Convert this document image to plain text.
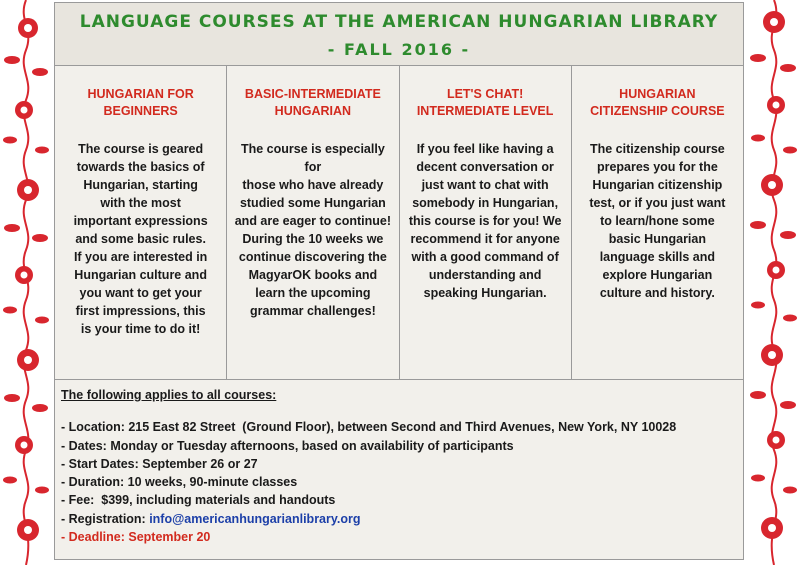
LANGUAGE COURSES AT THE AMERICAN HUNGARIAN LIBRARY
- FALL 2016 -
HUNGARIAN FOR
BEGINNERS
The course is geared
towards the basics of
Hungarian, starting
with the most
important expressions
and some basic rules.
If you are interested in
Hungarian culture and
you want to get your
first impressions, this
is your time to do it!
BASIC-INTERMEDIATE
HUNGARIAN
The course is especially for
those who have already
studied some Hungarian
and are eager to continue!
During the 10 weeks we
continue discovering the
MagyarOK books and
learn the upcoming
grammar challenges!
LET'S CHAT!
INTERMEDIATE LEVEL
If you feel like having a
decent conversation or
just want to chat with
somebody in Hungarian,
this course is for you! We
recommend it for anyone
with a good command of
understanding and
speaking Hungarian.
HUNGARIAN
CITIZENSHIP COURSE
The citizenship course
prepares you for the
Hungarian citizenship
test, or if you just want
to learn/hone some
basic Hungarian
language skills and
explore Hungarian
culture and history.
The following applies to all courses:
- Location: 215 East 82 Street  (Ground Floor), between Second and Third Avenues, New York, NY 10028
- Dates: Monday or Tuesday afternoons, based on availability of participants
- Start Dates: September 26 or 27
- Duration: 10 weeks, 90-minute classes
- Fee:  $399, including materials and handouts
- Registration: info@americanhungarianlibrary.org
- Deadline: September 20
